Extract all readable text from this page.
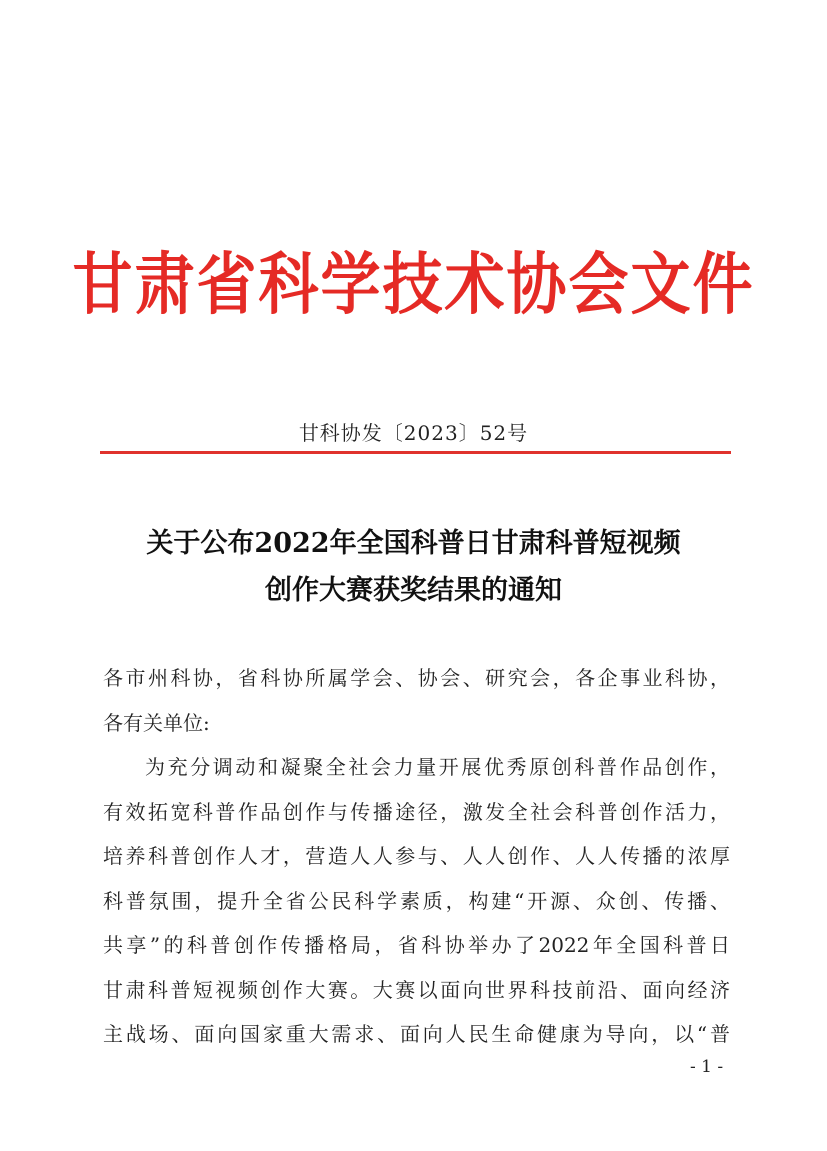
甘肃省科学技术协会文件
甘科协发〔2023〕52号
关于公布2022年全国科普日甘肃科普短视频
创作大赛获奖结果的通知
各市州科协，省科协所属学会、协会、研究会，各企事业科协，
各有关单位:
为充分调动和凝聚全社会力量开展优秀原创科普作品创作，
有效拓宽科普作品创作与传播途径，激发全社会科普创作活力，
培养科普创作人才，营造人人参与、人人创作、人人传播的浓厚
科普氛围，提升全省公民科学素质，构建“开源、众创、传播、
共享”的科普创作传播格局，省科协举办了2022年全国科普日
甘肃科普短视频创作大赛。大赛以面向世界科技前沿、面向经济
主战场、面向国家重大需求、面向人民生命健康为导向，以“普
- 1 -
